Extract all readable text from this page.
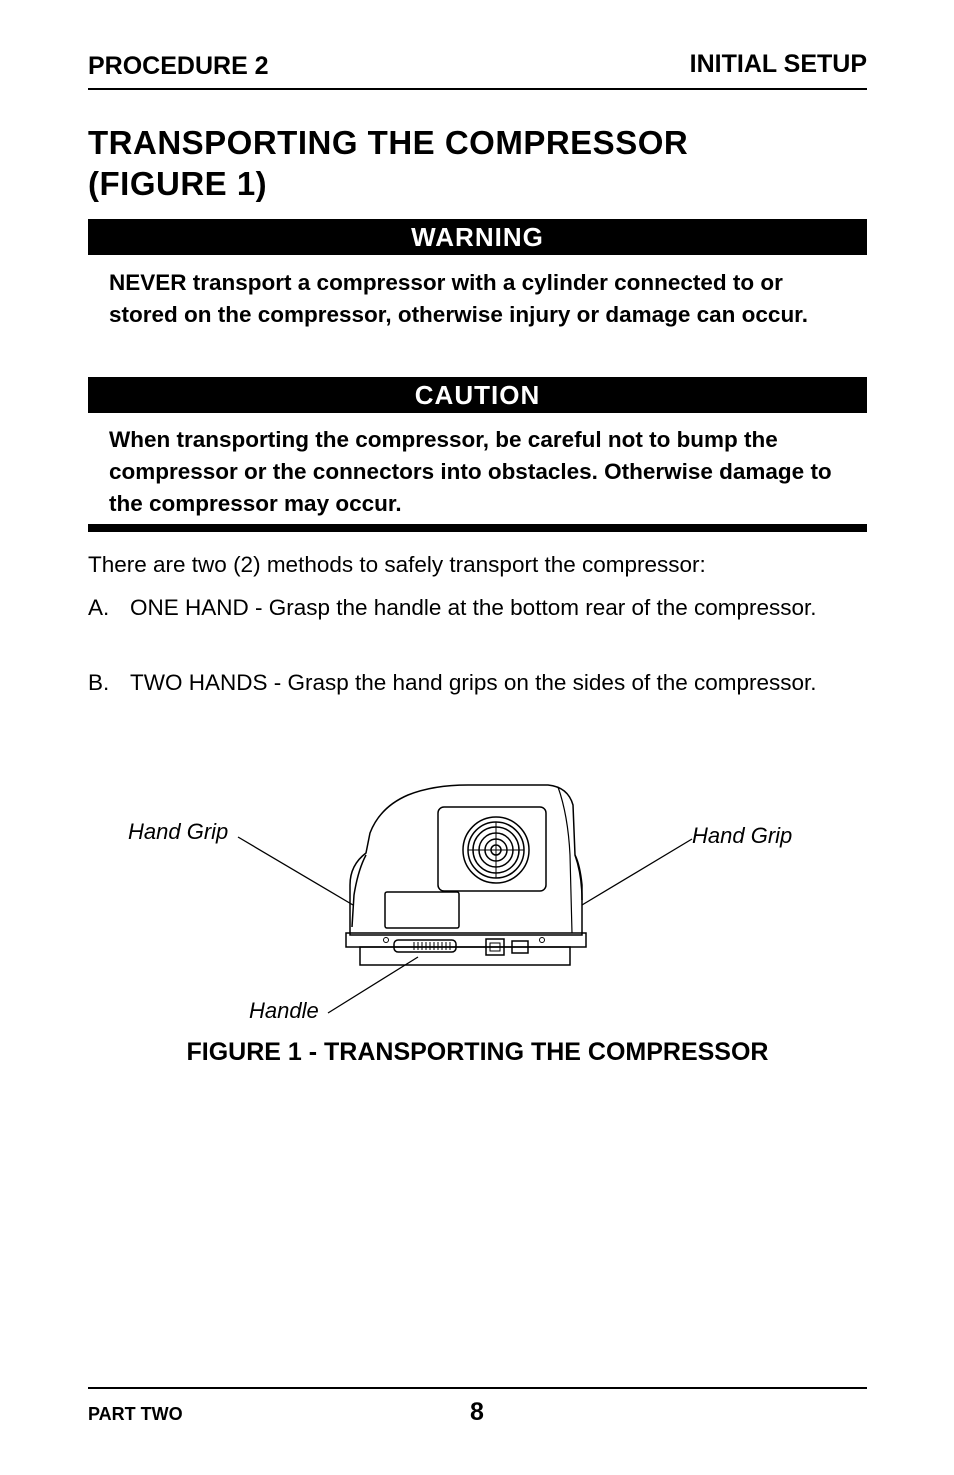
PROCEDURE 2	INITIAL SETUP
TRANSPORTING THE COMPRESSOR
(FIGURE 1)
WARNING

NEVER transport a compressor with a cylinder connected to or stored on the compressor, otherwise injury or damage can occur.

CAUTION

When transporting the compressor, be careful not to bump the compressor or the connectors into obstacles. Otherwise damage to the compressor may occur.

There are two (2) methods to safely transport the compressor:

A. ONE HAND - Grasp the handle at the bottom rear of the compressor.
B. TWO HANDS - Grasp the hand grips on the sides of the compressor.
Hand Grip	Hand Grip
Handle
FIGURE 1 - TRANSPORTING THE COMPRESSOR
PART TWO	8
